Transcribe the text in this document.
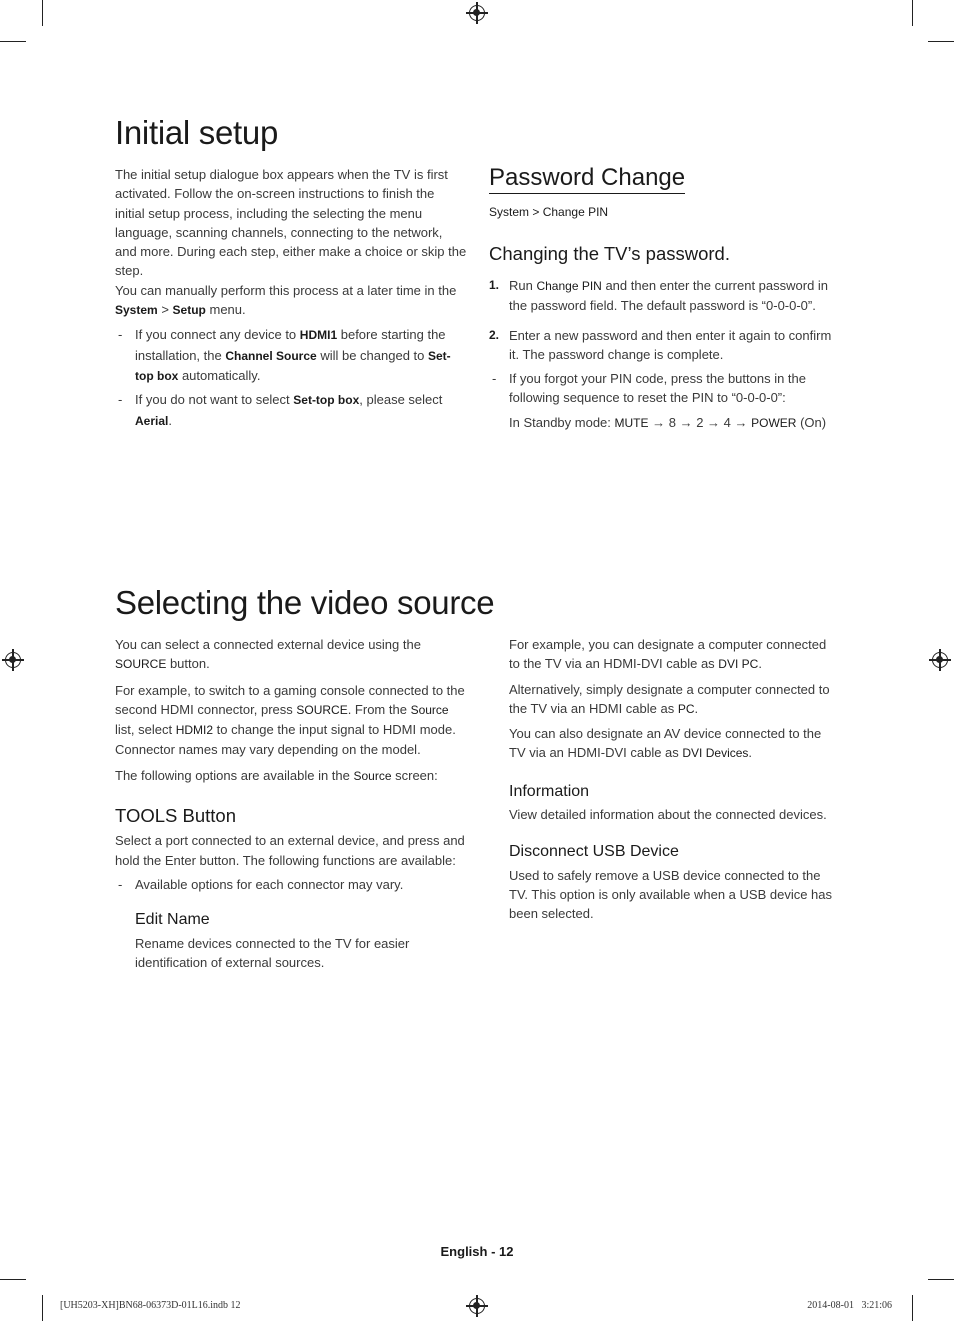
Initial setup
The initial setup dialogue box appears when the TV is first activated. Follow the on-screen instructions to finish the initial setup process, including the selecting the menu language, scanning channels, connecting to the network, and more. During each step, either make a choice or skip the step.
You can manually perform this process at a later time in the System > Setup menu.
- If you connect any device to HDMI1 before starting the installation, the Channel Source will be changed to Set-top box automatically.
- If you do not want to select Set-top box, please select Aerial.
Password Change
System > Change PIN
Changing the TV’s password.
1. Run Change PIN and then enter the current password in the password field. The default password is “0-0-0-0”.
2. Enter a new password and then enter it again to confirm it. The password change is complete.
- If you forgot your PIN code, press the buttons in the following sequence to reset the PIN to “0-0-0-0”:
In Standby mode: MUTE → 8 → 2 → 4 → POWER (On)
Selecting the video source
You can select a connected external device using the SOURCE button.
For example, to switch to a gaming console connected to the second HDMI connector, press SOURCE. From the Source list, select HDMI2 to change the input signal to HDMI mode. Connector names may vary depending on the model.
The following options are available in the Source screen:
TOOLS Button
Select a port connected to an external device, and press and hold the Enter button. The following functions are available:
- Available options for each connector may vary.
Edit Name
Rename devices connected to the TV for easier identification of external sources.
For example, you can designate a computer connected to the TV via an HDMI-DVI cable as DVI PC.
Alternatively, simply designate a computer connected to the TV via an HDMI cable as PC.
You can also designate an AV device connected to the TV via an HDMI-DVI cable as DVI Devices.
Information
View detailed information about the connected devices.
Disconnect USB Device
Used to safely remove a USB device connected to the TV. This option is only available when a USB device has been selected.
English - 12
[UH5203-XH]BN68-06373D-01L16.indb 12	2014-08-01   3:21:06
